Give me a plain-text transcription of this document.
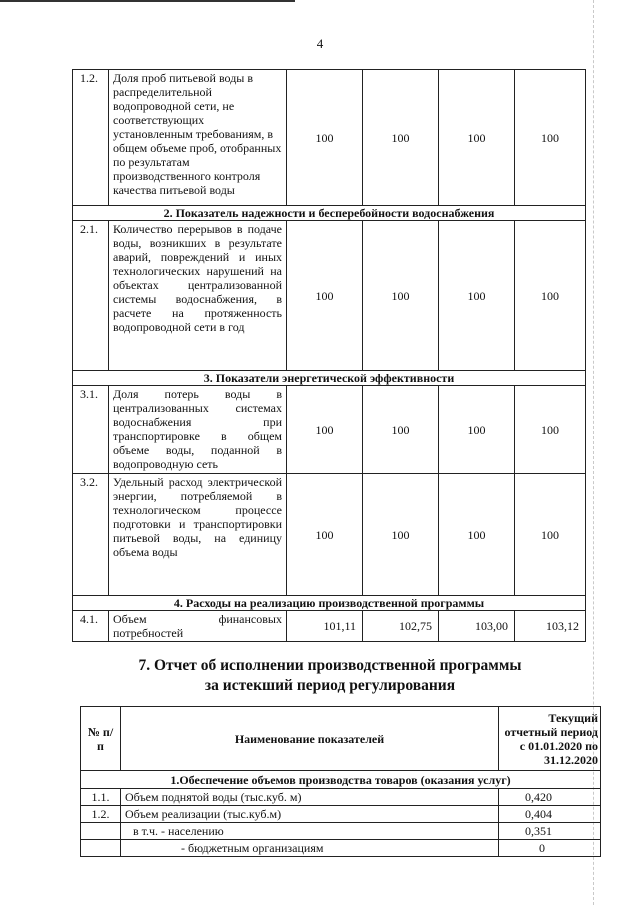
4
1.2.	Доля проб питьевой воды в распределительной водопроводной сети, не соответствующих установленным требованиям, в общем объеме проб, отобранных по результатам производственного контроля качества питьевой воды	100	100	100	100
2. Показатель надежности и бесперебойности водоснабжения					
2.1.	Количество перерывов в подаче воды, возникших в результате аварий, повреждений и иных технологических нарушений на объектах централизованной системы водоснабжения, в расчете на протяженность водопроводной сети в год	100	100	100	100
3. Показатели энергетической эффективности					
3.1.	Доля потерь воды в централизованных системах водоснабжения при транспортировке в общем объеме воды, поданной в водопроводную сеть	100	100	100	100
3.2.	Удельный расход электрической энергии, потребляемой в технологическом процессе подготовки и транспортировки питьевой воды, на единицу объема воды	100	100	100	100
4. Расходы на реализацию производственной программы					
4.1.	Объем финансовых потребностей	101,11	102,75	103,00	103,12
7. Отчет об исполнении производственной программы
за истекший период регулирования
№ п/п	Наименование показателей	Текущий отчетный период с 01.01.2020 по 31.12.2020
1.Обеспечение объемов производства товаров (оказания услуг)		
1.1.	Объем поднятой воды (тыс.куб. м)	0,420
1.2.	Объем реализации (тыс.куб.м)	0,404
	в т.ч. - населению	0,351
	- бюджетным организациям	0
